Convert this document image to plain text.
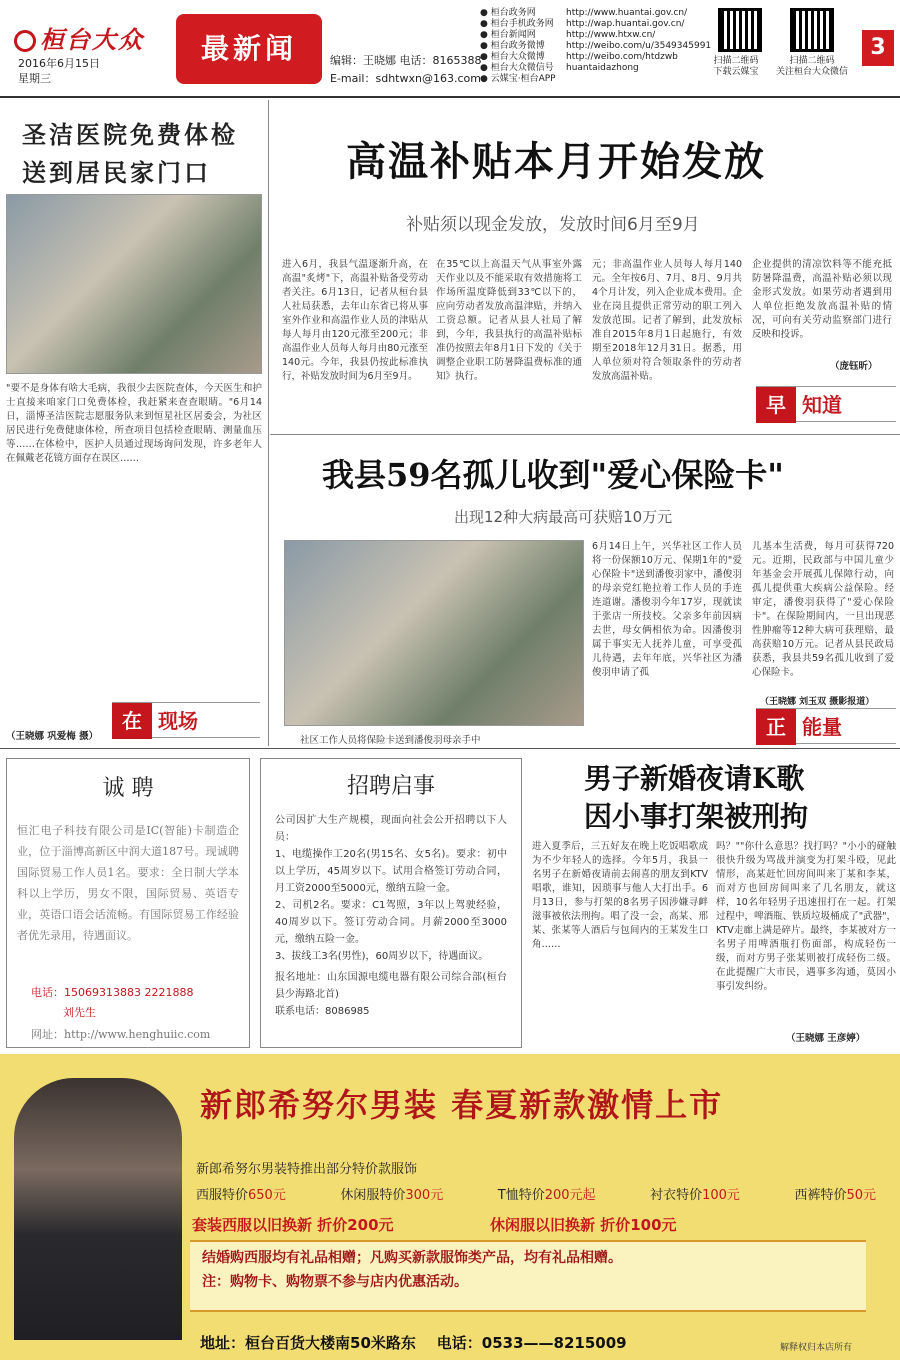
桓台大众
2016年6月15日
星期三
最新闻	编辑：王晓娜 电话：8165388
E-mail：sdhtwxn@163.com
● 桓台政务网	http://www.huantai.gov.cn/
● 桓台手机政务网 http://wap.huantai.gov.cn/
● 桓台新闻网	http://www.htxw.cn/
● 桓台政务微博 http://weibo.com/u/3549345991
● 桓台大众微博 http://weibo.com/htdzwb
● 桓台大众微信号 huantaidazhong
● 云媒宝·桓台APP
扫描二维码
下载云媒宝
扫描二维码
关注桓台大众微信
3
圣洁医院免费体检
送到居民家门口
"要不是身体有啥大毛病，我很少去医院查体，今天医生和护士直接来咱家门口免费体检，我赶紧来查查眼睛。"6月14日，淄博圣洁医院志愿服务队来到恒星社区居委会，为社区居民进行免费健康体检，所查项目包括检查眼睛、测量血压等……在体检中，医护人员通过现场询问发现，许多老年人在佩戴老花镜方面存在误区……
在 现场
（王晓娜 巩爱梅 摄）
高温补贴本月开始发放
补贴须以现金发放，发放时间6月至9月
进入6月，我县气温逐渐升高，在高温"炙烤"下，高温补贴备受劳动者关注。6月13日，记者从桓台县人社局获悉，去年山东省已将从事室外作业和高温作业人员的津贴从每人每月由120元涨至200元；非高温作业人员每人每月由80元涨至140元。今年，我县仍按此标准执行，补贴发放时间为6月至9月。
在35℃以上高温天气从事室外露天作业以及不能采取有效措施将工作场所温度降低到33℃以下的，应向劳动者发放高温津贴，并纳入工资总额。记者从县人社局了解到，今年，我县执行的高温补贴标准仍按照去年8月1日下发的《关于调整企业职工防暑降温费标准的通知》执行。
元；非高温作业人员每人每月140元。全年按6月、7月、8月、9月共4个月计发，列入企业成本费用。企业在岗且提供正常劳动的职工列入发放范围。记者了解到，此发放标准自2015年8月1日起施行，有效期至2018年12月31日。据悉，用人单位须对符合领取条件的劳动者发放高温补贴。
企业提供的清凉饮料等不能充抵防暑降温费，高温补贴必须以现金形式发放。如果劳动者遇到用人单位拒绝发放高温补贴的情况，可向有关劳动监察部门进行反映和投诉。
（庞钰昕）
早 知道
我县59名孤儿收到"爱心保险卡"
出现12种大病最高可获赔10万元
社区工作人员将保险卡送到潘俊羽母亲手中
6月14日上午，兴华社区工作人员将一份保额10万元、保期1年的"爱心保险卡"送到潘俊羽家中，潘俊羽的母亲党红艳拉着工作人员的手连连道谢。潘俊羽今年17岁，现就读于张店一所技校。父亲多年前因病去世，母女俩相依为命。因潘俊羽属于事实无人抚养儿童，可享受孤儿待遇，去年年底，兴华社区为潘俊羽申请了孤
儿基本生活费，每月可获得720元。近期，民政部与中国儿童少年基金会开展孤儿保障行动，向孤儿提供重大疾病公益保险。经审定，潘俊羽获得了"爱心保险卡"。在保险期间内，一旦出现恶性肿瘤等12种大病可获理赔，最高获赔10万元。记者从县民政局获悉，我县共59名孤儿收到了爱心保险卡。
（王晓娜 刘玉双 摄影报道）
正 能量
诚 聘
恒汇电子科技有限公司是IC(智能)卡制造企业，位于淄博高新区中润大道187号。现诚聘国际贸易工作人员1名。要求：全日制大学本科以上学历，男女不限，国际贸易、英语专业，英语口语会话流畅。有国际贸易工作经验者优先录用，待遇面议。
电话：15069313883 2221888
刘先生
网址：http://www.henghuiic.com
招聘启事
公司因扩大生产规模，现面向社会公开招聘以下人员：
1、电缆操作工20名(男15名、女5名)。要求：初中以上学历，45周岁以下。试用合格签订劳动合同，月工资2000至5000元，缴纳五险一金。
2、司机2名。要求：C1驾照，3年以上驾驶经验，40周岁以下。签订劳动合同。月薪2000至3000元，缴纳五险一金。
3、拔线工3名(男性)，60周岁以下，待遇面议。
报名地址：山东国源电缆电器有限公司综合部(桓台县少海路北首)
联系电话：8086985
男子新婚夜请K歌
因小事打架被刑拘
进入夏季后，三五好友在晚上吃饭唱歌成为不少年轻人的选择。今年5月，我县一名男子在新婚夜请前去闹喜的朋友到KTV唱歌，谁知，因琐事与他人大打出手。6月13日，参与打架的8名男子因涉嫌寻衅滋事被依法刑拘。唱了没一会，高某、邢某、张某等人酒后与包间内的王某发生口角……
吗？""你什么意思？找打吗？"小小的碰触很快升级为骂战并演变为打架斗殴，见此情形，高某赶忙回房间叫来丁某和李某，而对方也回房间叫来了几名朋友，就这样，10名年轻男子迅速扭打在一起。打架过程中，啤酒瓶、铁质垃圾桶成了"武器"，KTV走廊上满是碎片。最终，李某被对方一名男子用啤酒瓶打伤面部，构成轻伤一级，而对方男子张某则被打成轻伤二级。在此提醒广大市民，遇事多沟通，莫因小事引发纠纷。
（王晓娜 王彦婷）
新郎希努尔男装 春夏新款激情上市
新郎希努尔男装特推出部分特价款服饰
西服特价650元	休闲服特价300元	T恤特价200元起	衬衣特价100元	西裤特价50元
套装西服以旧换新 折价200元	休闲服以旧换新 折价100元
结婚购西服均有礼品相赠；凡购买新款服饰类产品，均有礼品相赠。
注：购物卡、购物票不参与店内优惠活动。
地址：桓台百货大楼南50米路东 电话：0533——8215009	解释权归本店所有
